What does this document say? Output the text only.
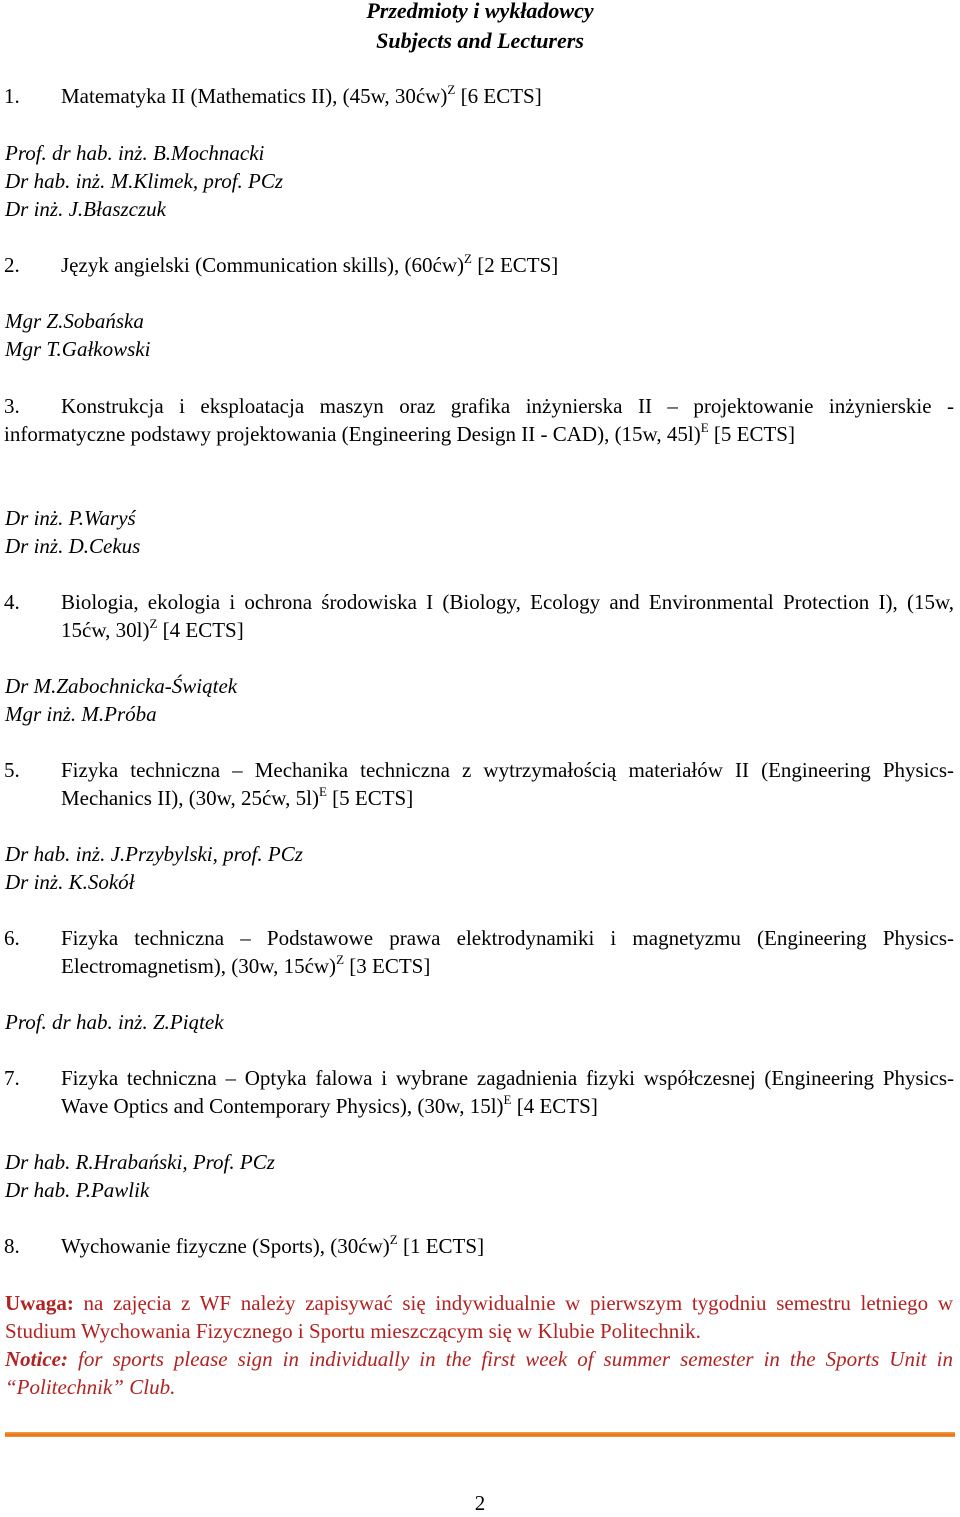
Przedmioty i wykładowcy
Subjects and Lecturers
1. Matematyka II (Mathematics II), (45w, 30ćw)$^Z$ [6 ECTS]
Prof. dr hab. inż. B.Mochnacki
Dr hab. inż. M.Klimek, prof. PCz
Dr inż. J.Błaszczuk
2. Język angielski (Communication skills), (60ćw)$^Z$ [2 ECTS]
Mgr Z.Sobańska
Mgr T.Gałkowski
3.	Konstrukcja i eksploatacja maszyn oraz grafika inżynierska II – projektowanie inżynierskie - informatyczne podstawy projektowania (Engineering Design II - CAD), (15w, 45l)$^E$ [5 ECTS]
Dr inż. P.Waryś
Dr inż. D.Cekus
4. Biologia, ekologia i ochrona środowiska I (Biology, Ecology and Environmental Protection I), (15w, 15ćw, 30l)$^Z$ [4 ECTS]
Dr M.Zabochnicka-Świątek
Mgr inż. M.Próba
5. Fizyka techniczna – Mechanika techniczna z wytrzymałością materiałów II (Engineering Physics-Mechanics II), (30w, 25ćw, 5l)$^E$ [5 ECTS]
Dr hab. inż. J.Przybylski, prof. PCz
Dr inż. K.Sokół
6. Fizyka techniczna – Podstawowe prawa elektrodynamiki i magnetyzmu (Engineering Physics-Electromagnetism), (30w, 15ćw)$^Z$ [3 ECTS]
Prof. dr hab. inż. Z.Piątek
7. Fizyka techniczna – Optyka falowa i wybrane zagadnienia fizyki współczesnej (Engineering Physics-Wave Optics and Contemporary Physics), (30w, 15l)$^E$ [4 ECTS]
Dr hab. R.Hrabański, Prof. PCz
Dr hab. P.Pawlik
8. Wychowanie fizyczne (Sports), (30ćw)$^Z$ [1 ECTS]
Uwaga: na zajęcia z WF należy zapisywać się indywidualnie w pierwszym tygodniu semestru letniego w Studium Wychowania Fizycznego i Sportu mieszczącym się w Klubie Politechnik.
Notice: for sports please sign in individually in the first week of summer semester in the Sports Unit in “Politechnik” Club.
2
